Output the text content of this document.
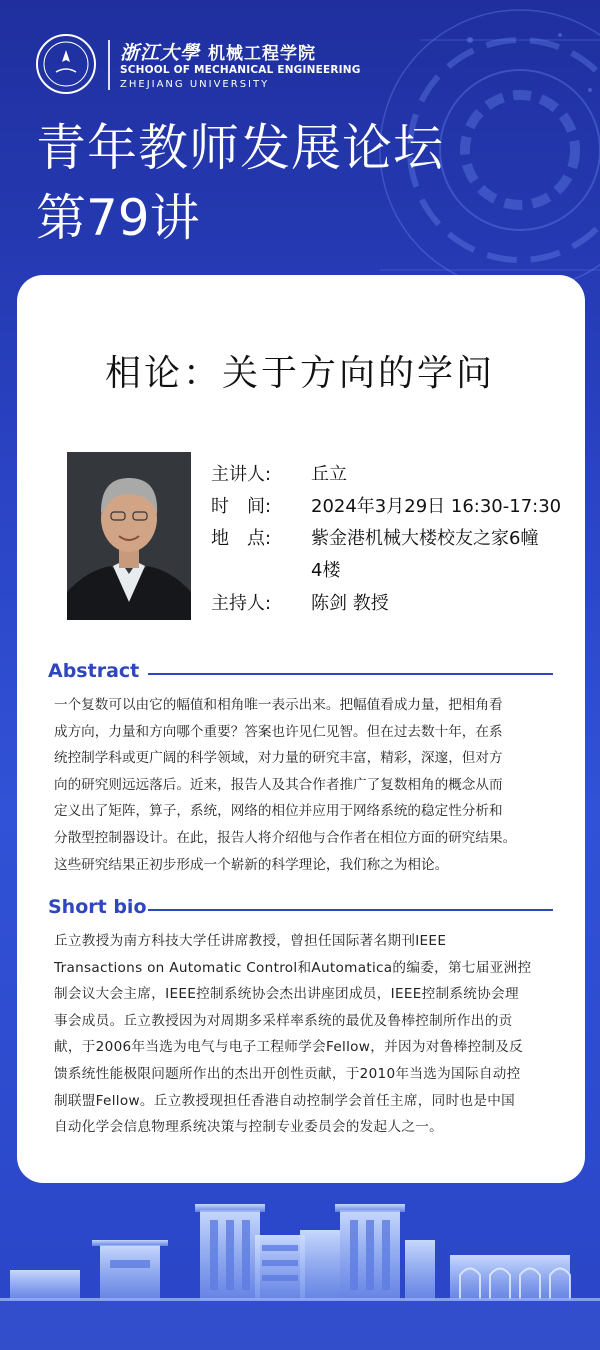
浙江大學 机械工程学院
SCHOOL OF MECHANICAL ENGINEERING
ZHEJIANG UNIVERSITY
青年教师发展论坛
第79讲
相论：关于方向的学问
主讲人: 丘立
时　间: 2024年3月29日 16:30-17:30
地　点: 紫金港机械大楼校友之家6幢
4楼
主持人: 陈剑 教授
Abstract

一个复数可以由它的幅值和相角唯一表示出来。把幅值看成力量，把相角看

成方向，力量和方向哪个重要？答案也许见仁见智。但在过去数十年，在系

统控制学科或更广阔的科学领域，对力量的研究丰富，精彩，深邃，但对方

向的研究则远远落后。近来，报告人及其合作者推广了复数相角的概念从而

定义出了矩阵，算子，系统，网络的相位并应用于网络系统的稳定性分析和

分散型控制器设计。在此，报告人将介绍他与合作者在相位方面的研究结果。

这些研究结果正初步形成一个崭新的科学理论，我们称之为相论。

Short bio

丘立教授为南方科技大学任讲席教授，曾担任国际著名期刊IEEE

Transactions on Automatic Control和Automatica的编委，第七届亚洲控

制会议大会主席，IEEE控制系统协会杰出讲座团成员，IEEE控制系统协会理

事会成员。丘立教授因为对周期多采样率系统的最优及鲁棒控制所作出的贡

献，于2006年当选为电气与电子工程师学会Fellow，并因为对鲁棒控制及反

馈系统性能极限问题所作出的杰出开创性贡献，于2010年当选为国际自动控

制联盟Fellow。丘立教授现担任香港自动控制学会首任主席，同时也是中国

自动化学会信息物理系统决策与控制专业委员会的发起人之一。
